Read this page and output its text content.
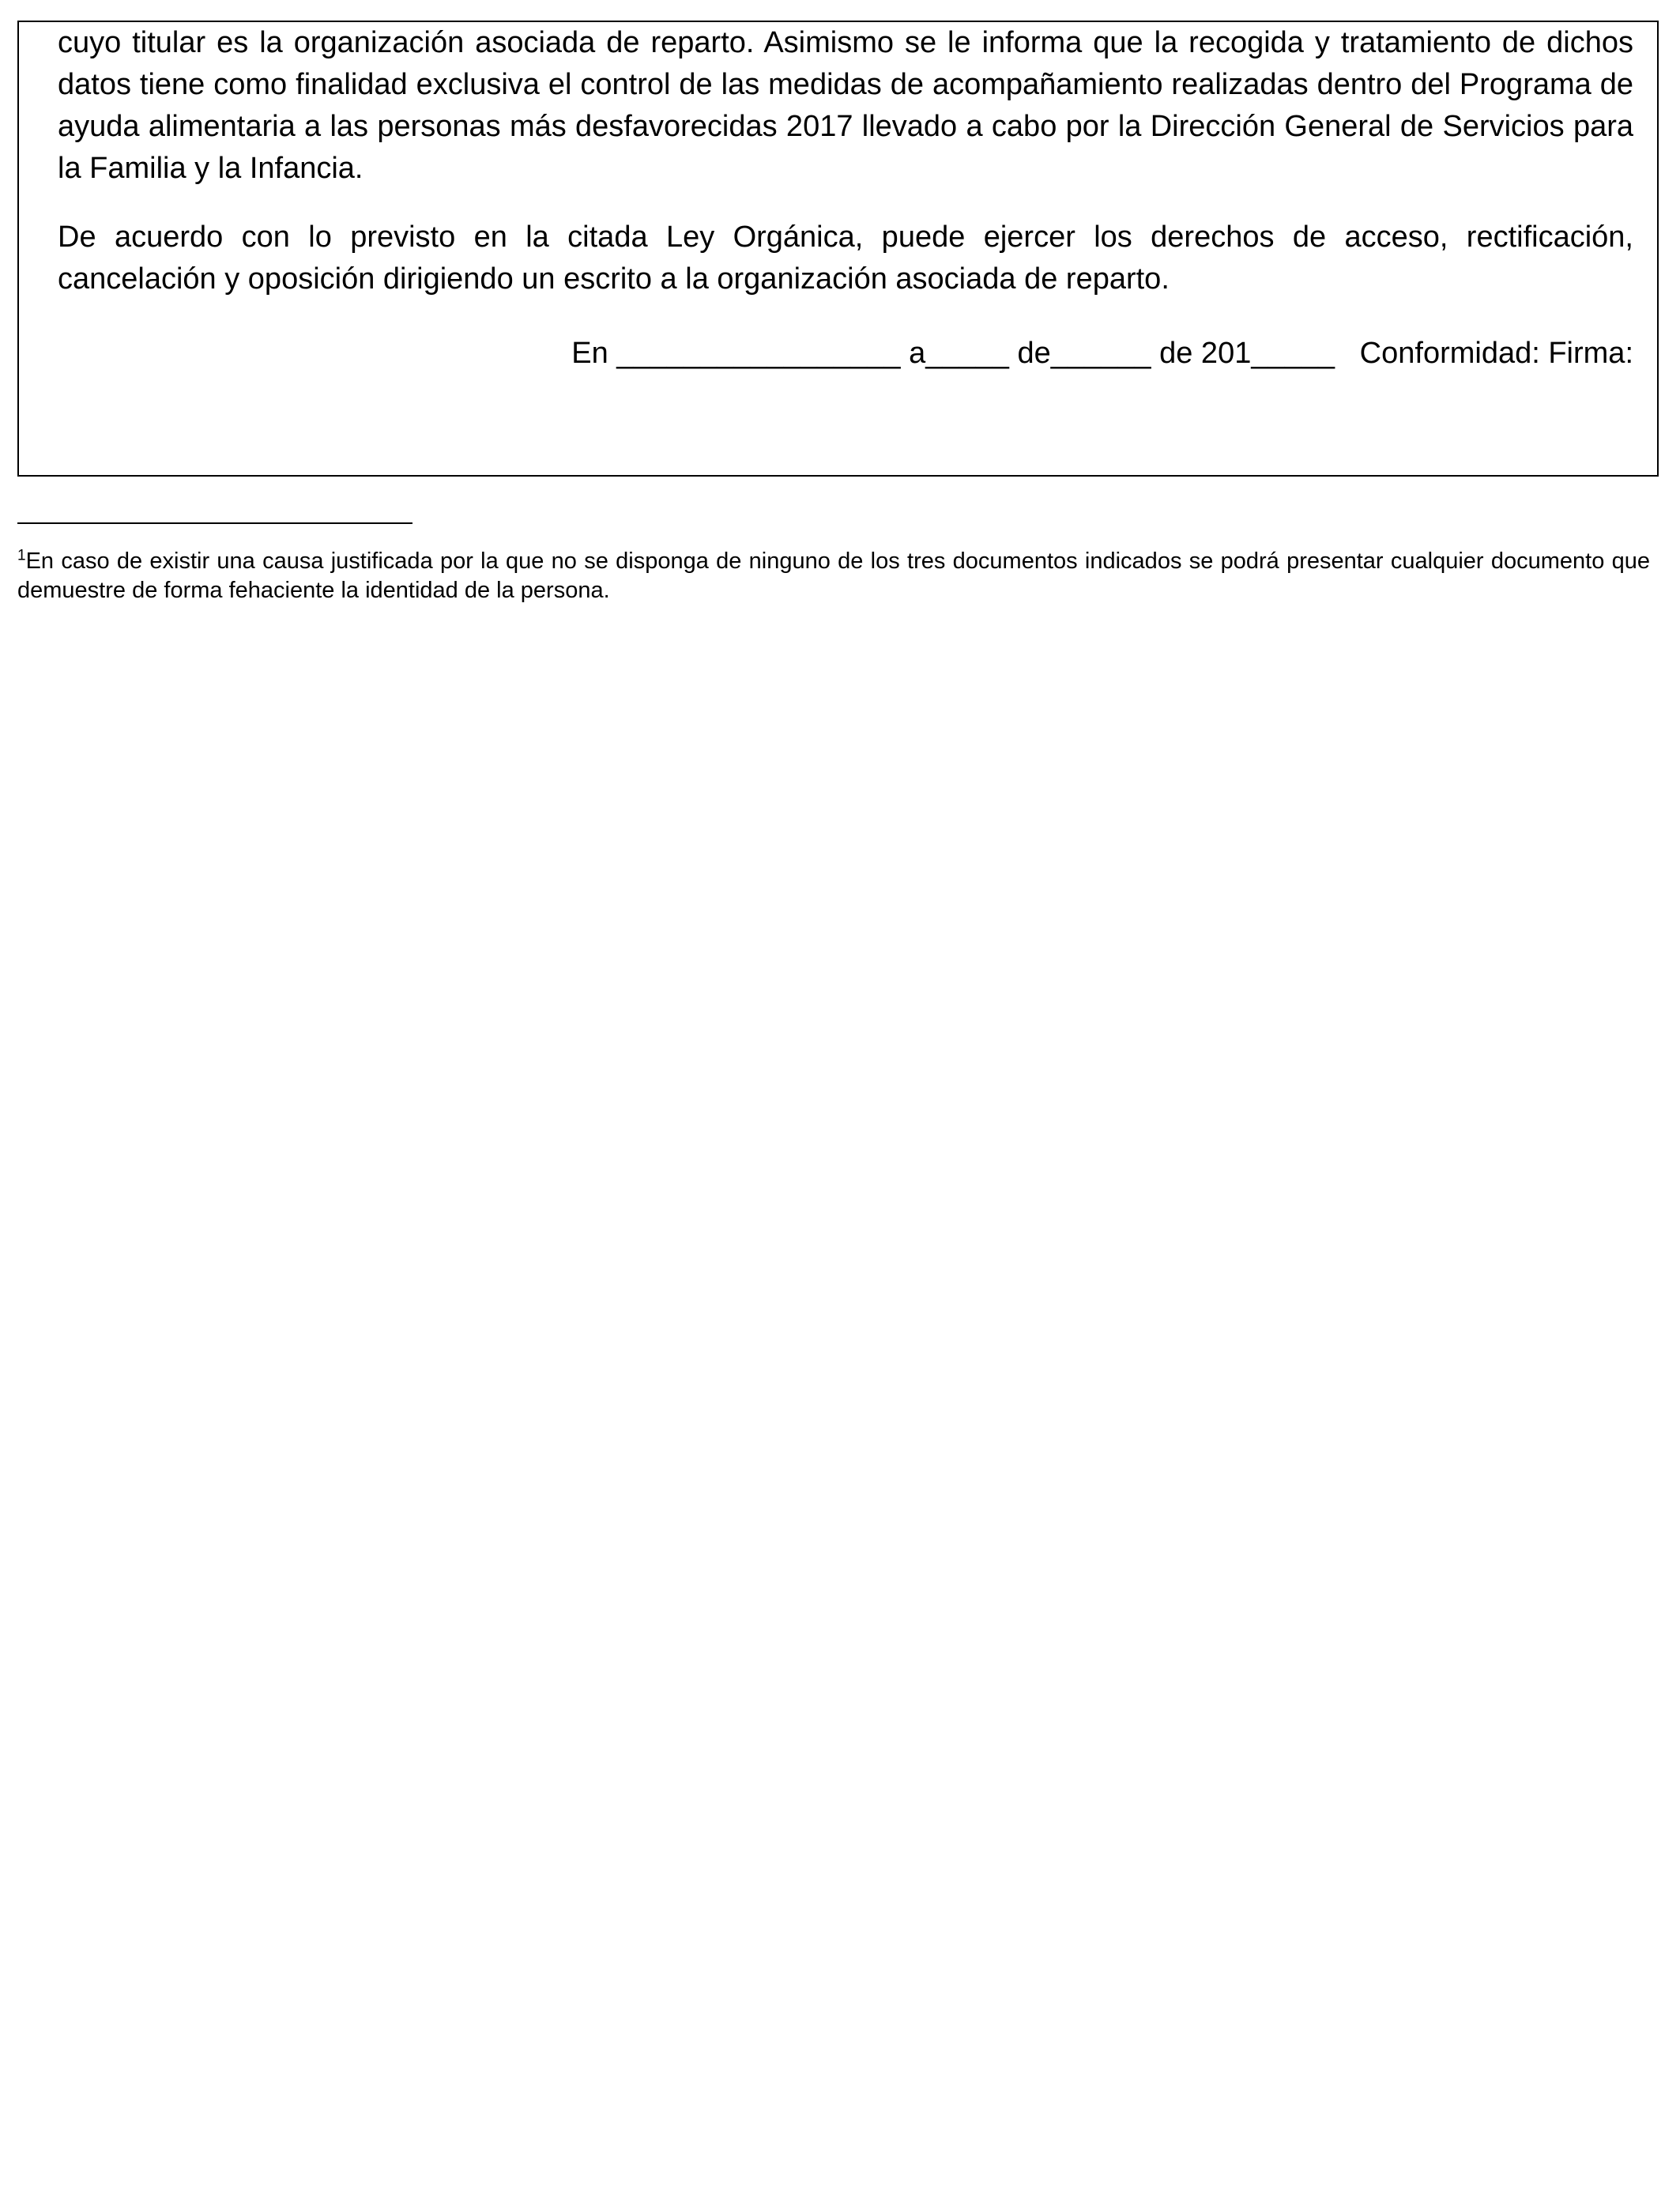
cuyo titular es la organización asociada de reparto. Asimismo se le informa que la recogida y tratamiento de dichos datos tiene como finalidad exclusiva el control de las medidas de acompañamiento realizadas dentro del Programa de ayuda alimentaria a las personas más desfavorecidas 2017 llevado a cabo por la Dirección General de Servicios para la Familia y la Infancia.

De acuerdo con lo previsto en la citada Ley Orgánica, puede ejercer los derechos de acceso, rectificación, cancelación y oposición dirigiendo un escrito a la organización asociada de reparto.

En _________________ a_____ de______ de 201_____   Conformidad: Firma:

$^1$En caso de existir una causa justificada por la que no se disponga de ninguno de los tres documentos indicados se podrá presentar cualquier documento que demuestre de forma fehaciente la identidad de la persona.
